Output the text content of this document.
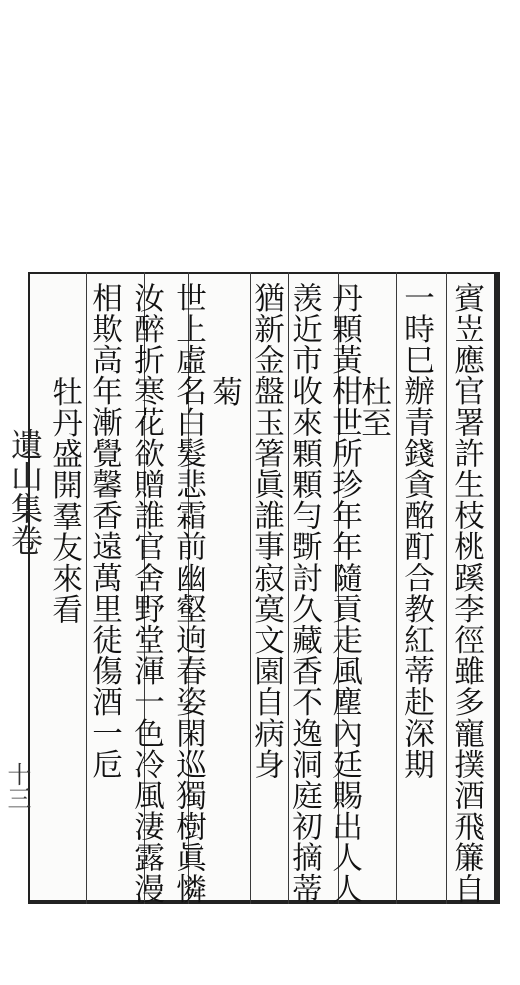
遺山集卷
十三	賓岦應官署許生枝桃蹊李徑雖多寵撲酒飛簾自
一時巳辦青錢貪酩酊合教紅蒂赴深期
杜至
丹顆黃柑世所珍年年隨貢走風塵內廷賜出人人
羡近市收來顆顆勻斲討久藏香不逸洞庭初摘蒂
猶新金盤玉箸眞誰事寂寞文園自病身
菊
世上虛名白髮悲霜前幽壑逈春姿閑巡獨樹眞憐
汝醉折寒花欲贈誰官舍野堂渾一色冷風淒露漫
相欺高年漸覺馨香遠萬里徒傷酒一卮
牡丹盛開羣友來看
